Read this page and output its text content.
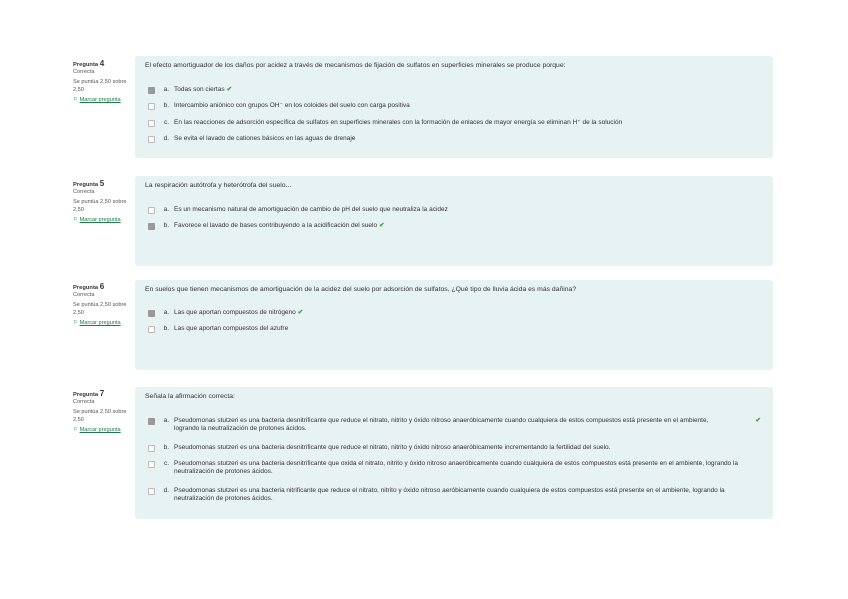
Pregunta 4
Correcta
Se puntúa 2,50 sobre 2,50
⚐ Marcar pregunta
El efecto amortiguador de los daños por acidez a través de mecanismos de fijación de sulfatos en superficies minerales se produce porque:
a. Todas son ciertas ✔
b. Intercambio aniónico con grupos OH⁻ en los coloides del suelo con carga positiva
c. En las reacciones de adsorción específica de sulfatos en superficies minerales con la formación de enlaces de mayor energía se eliminan H⁺ de la solución
d. Se evita el lavado de cationes básicos en las aguas de drenaje
Pregunta 5
Correcta
Se puntúa 2,50 sobre 2,50
⚐ Marcar pregunta
La respiración autótrofa y heterótrofa del suelo...
a. Es un mecanismo natural de amortiguación de cambio de pH del suelo que neutraliza la acidez
b. Favorece el lavado de bases contribuyendo a la acidificación del suelo ✔
Pregunta 6
Correcta
Se puntúa 2,50 sobre 2,50
⚐ Marcar pregunta
En suelos que tienen mecanismos de amortiguación de la acidez del suelo por adsorción de sulfatos, ¿Qué tipo de lluvia ácida es más dañina?
a. Las que aportan compuestos de nitrógeno ✔
b. Las que aportan compuestos del azufre
Pregunta 7
Correcta
Se puntúa 2,50 sobre 2,50
⚐ Marcar pregunta
Señala la afirmación correcta:
a. Pseudomonas stutzeri es una bacteria desnitrificante que reduce el nitrato, nitrito y óxido nitroso anaeróbicamente cuando cualquiera de estos compuestos está presente en el ambiente, logrando la neutralización de protones ácidos.
✔
b. Pseudomonas stutzeri es una bacteria desnitrificante que reduce el nitrato, nitrito y óxido nitroso anaeróbicamente incrementando la fertilidad del suelo.
c. Pseudomonas stutzeri es una bacteria desnitrificante que oxida el nitrato, nitrito y óxido nitroso anaeróbicamente cuando cualquiera de estos compuestos está presente en el ambiente, logrando la neutralización de protones ácidos.
d. Pseudomonas stutzeri es una bacteria nitrificante que reduce el nitrato, nitrito y óxido nitroso aeróbicamente cuando cualquiera de estos compuestos está presente en el ambiente, logrando la neutralización de protones ácidos.
